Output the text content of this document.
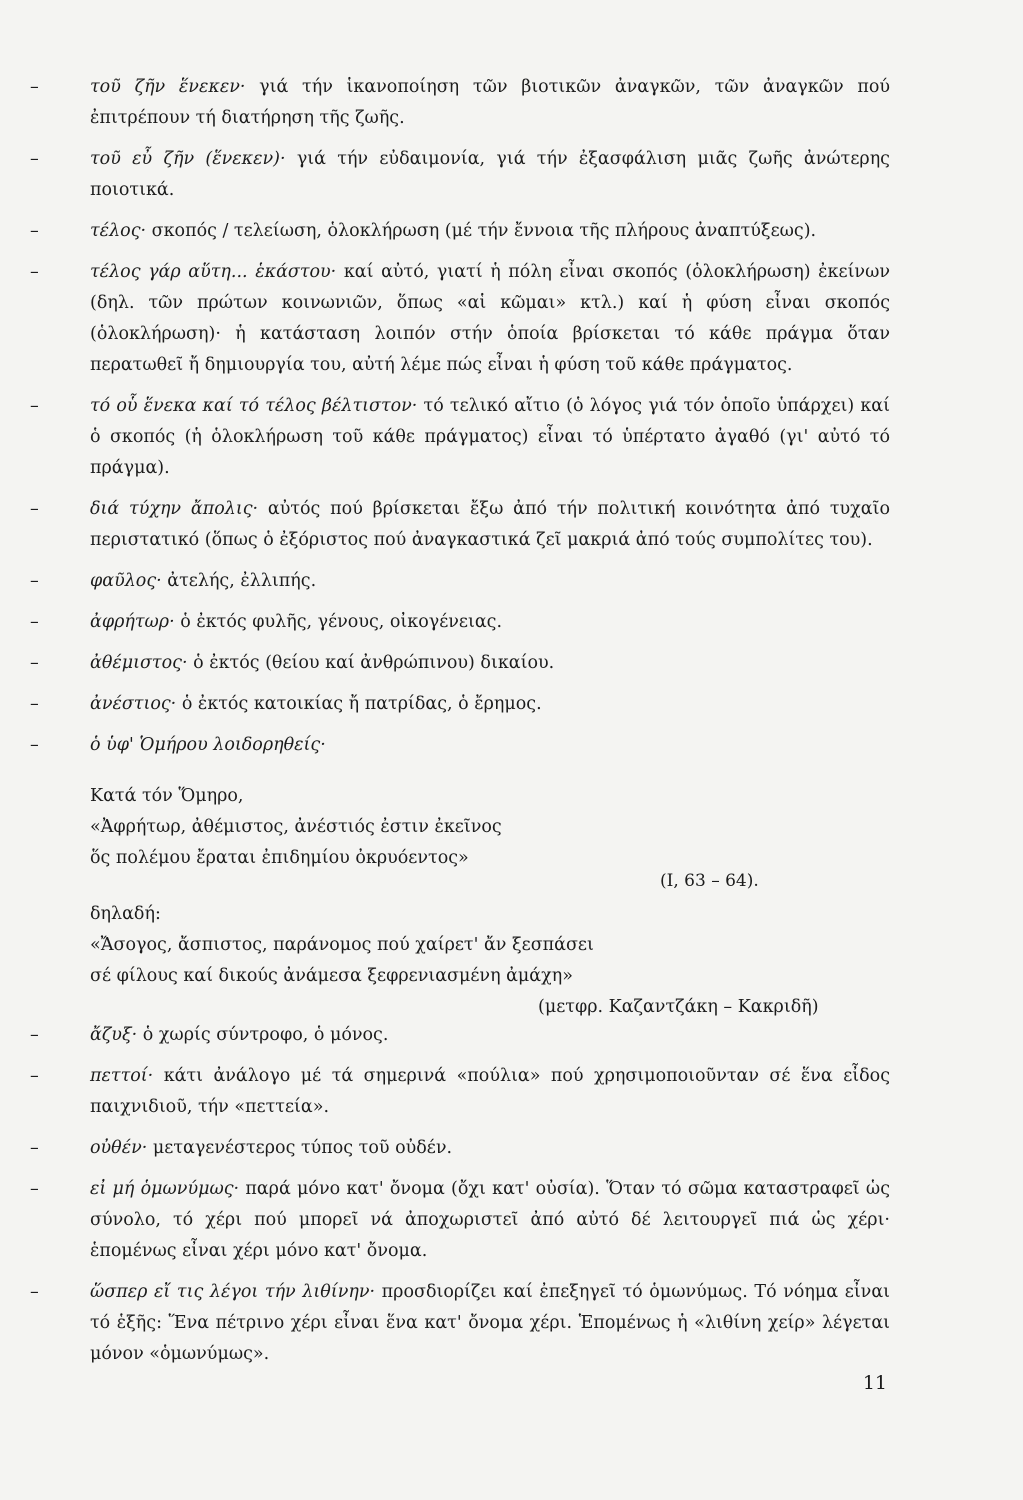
–	τοῦ ζῆν ἕνεκεν· γιά τήν ἱκανοποίηση τῶν βιοτικῶν ἀναγκῶν, τῶν ἀναγκῶν πού ἐπιτρέπουν τή διατήρηση τῆς ζωῆς.
–	τοῦ εὖ ζῆν (ἕνεκεν)· γιά τήν εὐδαιμονία, γιά τήν ἐξασφάλιση μιᾶς ζωῆς ἀνώτερης ποιοτικά.
–	τέλος· σκοπός / τελείωση, ὁλοκλήρωση (μέ τήν ἔννοια τῆς πλήρους ἀναπτύξεως).
–	τέλος γάρ αὕτη... ἑκάστου· καί αὐτό, γιατί ἡ πόλη εἶναι σκοπός (ὁλοκλήρωση) ἐκείνων (δηλ. τῶν πρώτων κοινωνιῶν, ὅπως «αἱ κῶμαι» κτλ.) καί ἡ φύση εἶναι σκοπός (ὁλοκλήρωση)· ἡ κατάσταση λοιπόν στήν ὁποία βρίσκεται τό κάθε πράγμα ὅταν περατωθεῖ ἤ δημιουργία του, αὐτή λέμε πώς εἶναι ἡ φύση τοῦ κάθε πράγματος.
–	τό οὗ ἕνεκα καί τό τέλος βέλτιστον· τό τελικό αἴτιο (ὁ λόγος γιά τόν ὁποῖο ὑπάρχει) καί ὁ σκοπός (ἡ ὁλοκλήρωση τοῦ κάθε πράγματος) εἶναι τό ὑπέρτατο ἀγαθό (γι' αὐτό τό πράγμα).
–	διά τύχην ἄπολις· αὐτός πού βρίσκεται ἔξω ἀπό τήν πολιτική κοινότητα ἀπό τυχαῖο περιστατικό (ὅπως ὁ ἐξόριστος πού ἀναγκαστικά ζεῖ μακριά ἀπό τούς συμπολίτες του).
–	φαῦλος· ἀτελής, ἐλλιπής.
–	ἀφρήτωρ· ὁ ἐκτός φυλῆς, γένους, οἰκογένειας.
–	ἀθέμιστος· ὁ ἐκτός (θείου καί ἀνθρώπινου) δικαίου.
–	ἀνέστιος· ὁ ἐκτός κατοικίας ἤ πατρίδας, ὁ ἔρημος.
–	ὁ ὑφ' Ὁμήρου λοιδορηθείς·
Κατά τόν Ὅμηρο,
«Ἀφρήτωρ, ἀθέμιστος, ἀνέστιός ἐστιν ἐκεῖνος
ὅς πολέμου ἔραται ἐπιδημίου ὀκρυόεντος»
(I, 63 – 64).
δηλαδή:
«Ἄσογος, ἄσπιστος, παράνομος πού χαίρετ' ἄν ξεσπάσει
σέ φίλους καί δικούς ἀνάμεσα ξεφρενιασμένη ἀμάχη»
(μετφρ. Καζαντζάκη – Κακριδῆ)
–	ἄζυξ· ὁ χωρίς σύντροφο, ὁ μόνος.
–	πεττοί· κάτι ἀνάλογο μέ τά σημερινά «πούλια» πού χρησιμοποιοῦνταν σέ ἕνα εἶδος παιχνιδιοῦ, τήν «πεττεία».
–	οὐθέν· μεταγενέστερος τύπος τοῦ οὐδέν.
–	εἰ μή ὁμωνύμως· παρά μόνο κατ' ὄνομα (ὄχι κατ' οὐσία). Ὅταν τό σῶμα καταστραφεῖ ὡς σύνολο, τό χέρι πού μπορεῖ νά ἀποχωριστεῖ ἀπό αὐτό δέ λειτουργεῖ πιά ὡς χέρι· ἑπομένως εἶναι χέρι μόνο κατ' ὄνομα.
–	ὥσπερ εἴ τις λέγοι τήν λιθίνην· προσδιορίζει καί ἐπεξηγεῖ τό ὁμωνύμως. Τό νόημα εἶναι τό ἑξῆς: Ἕνα πέτρινο χέρι εἶναι ἕνα κατ' ὄνομα χέρι. Ἑπομένως ἡ «λιθίνη χείρ» λέγεται μόνον «ὁμωνύμως».
11
